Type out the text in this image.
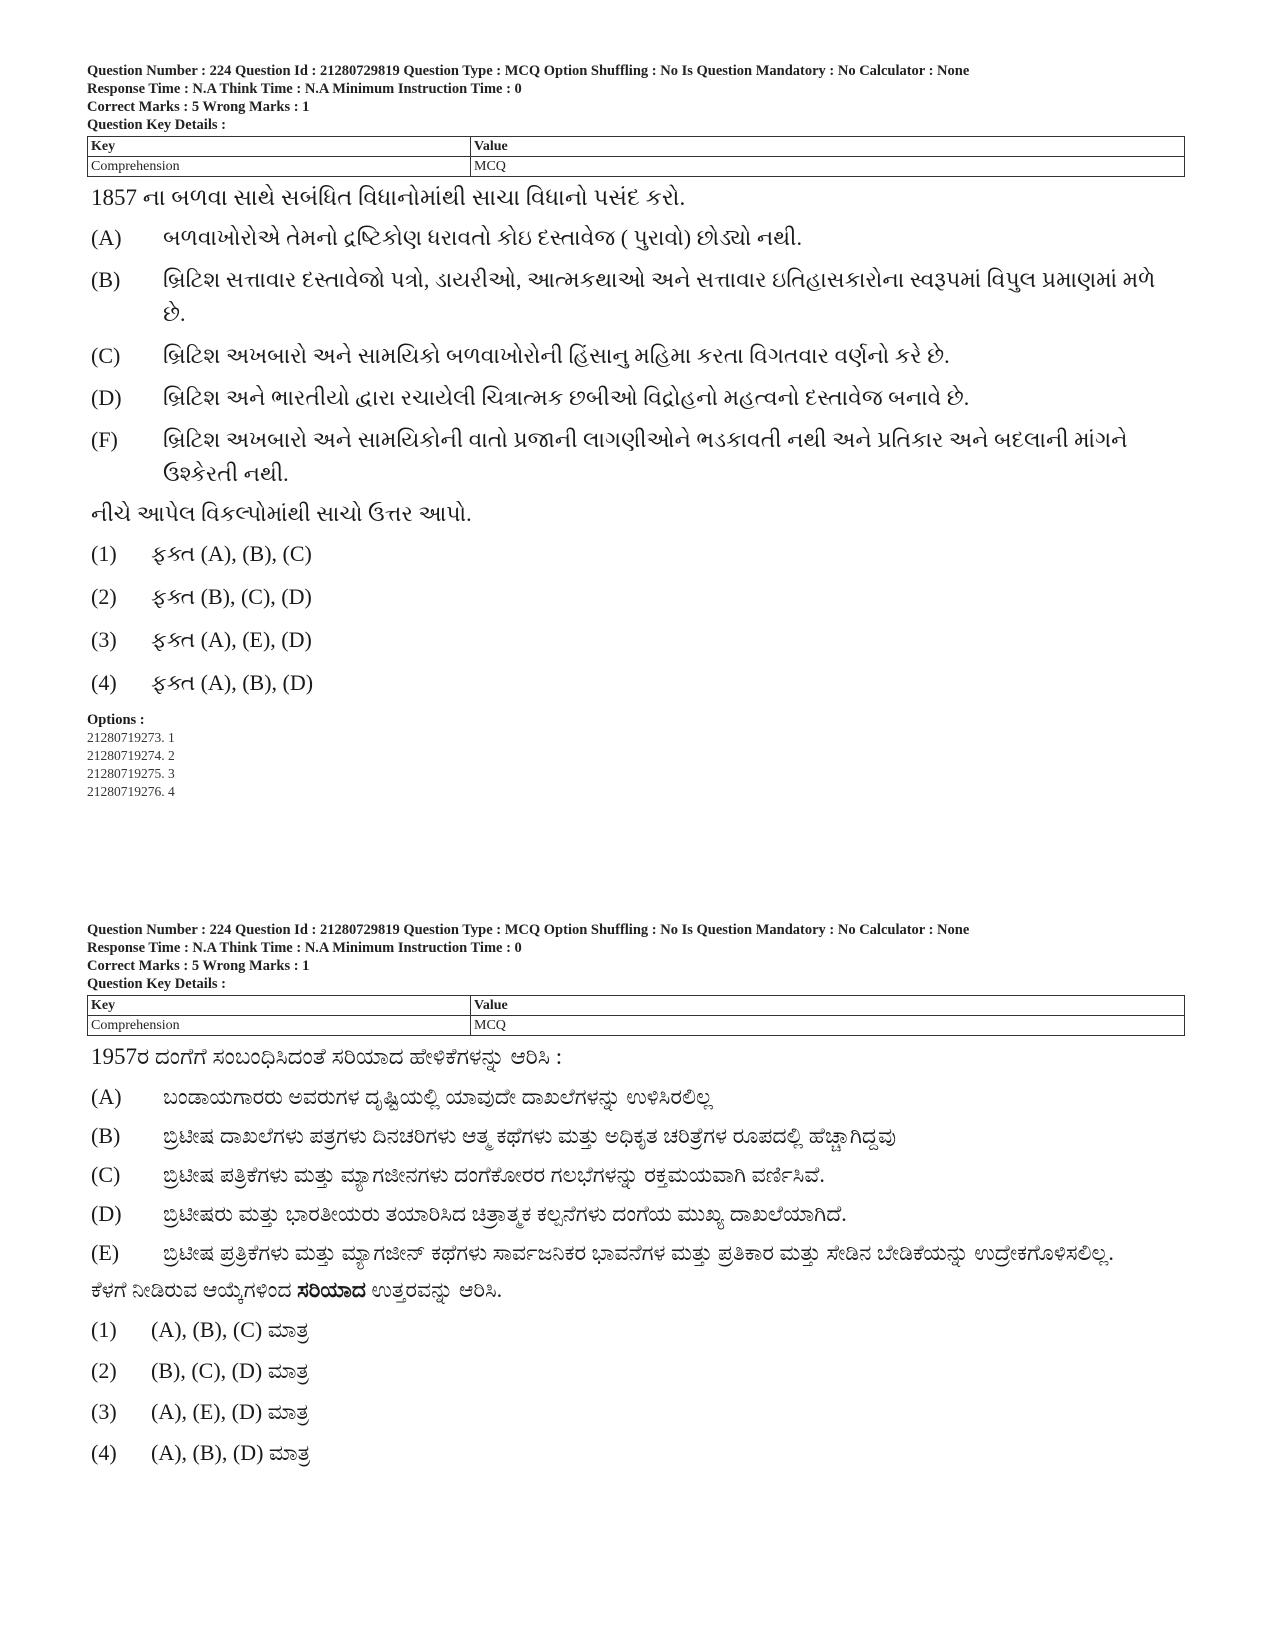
Question Number : 224 Question Id : 21280729819 Question Type : MCQ Option Shuffling : No Is Question Mandatory : No Calculator : None
Response Time : N.A Think Time : N.A Minimum Instruction Time : 0
Correct Marks : 5 Wrong Marks : 1
Question Key Details :
Key	Value
Comprehension	MCQ
1857 ના બળવા સાથે સબંધિત વિધાનોમાંથી સાચા વિધાનો પસંદ કરો.
(A)	બળવાખોરોએ તેમનો દ્રષ્ટિકોણ ધરાવતો કોઇ દસ્તાવેજ ( પુરાવો) છોડ્યો નથી.
(B)	બ્રિટિશ સત્તાવાર દસ્તાવેજો પત્રો, ડાયરીઓ, આત્મકથાઓ અને સત્તાવાર ઇતિહાસકારોના સ્વરૂપમાં વિપુલ પ્રમાણમાં મળે છે.
(C)	બ્રિટિશ અખબારો અને સામયિકો બળવાખોરોની હિંસાનુ મહિમા કરતા વિગતવાર વર્ણનો કરે છે.
(D)	બ્રિટિશ અને ભારતીયો દ્વારા રચાયેલી ચિત્રાત્મક છબીઓ વિદ્રોહનો મહત્વનો દસ્તાવેજ બનાવે છે.
(F)	બ્રિટિશ અખબારો અને સામયિકોની વાતો પ્રજાની લાગણીઓને ભડકાવતી નથી અને પ્રતિકાર અને બદલાની માંગને ઉશ્કેરતી નથી.
નીચે આપેલ વિકલ્પોમાંથી સાચો ઉત્તર આપો.
(1)	ફક્ત (A), (B), (C)
(2)	ફક્ત (B), (C), (D)
(3)	ફક્ત (A), (E), (D)
(4)	ફક્ત (A), (B), (D)
Options :
21280719273. 1
21280719274. 2
21280719275. 3
21280719276. 4
Question Number : 224 Question Id : 21280729819 Question Type : MCQ Option Shuffling : No Is Question Mandatory : No Calculator : None
Response Time : N.A Think Time : N.A Minimum Instruction Time : 0
Correct Marks : 5 Wrong Marks : 1
Question Key Details :
Key	Value
Comprehension	MCQ
1957ರ ದಂಗೆಗೆ ಸಂಬಂಧಿಸಿದಂತೆ ಸರಿಯಾದ ಹೇಳಿಕೆಗಳನ್ನು ಆರಿಸಿ :
(A)	ಬಂಡಾಯಗಾರರು ಅವರುಗಳ ದೃಷ್ಟಿಯಲ್ಲಿ ಯಾವುದೇ ದಾಖಲೆಗಳನ್ನು ಉಳಿಸಿರಲಿಲ್ಲ
(B)	ಬ್ರಿಟೀಷ ದಾಖಲೆಗಳು ಪತ್ರಗಳು ದಿನಚರಿಗಳು ಆತ್ಮ ಕಥೆಗಳು ಮತ್ತು ಅಧಿಕೃತ ಚರಿತ್ರೆಗಳ ರೂಪದಲ್ಲಿ ಹೆಚ್ಚಾಗಿದ್ದವು
(C)	ಬ್ರಿಟೀಷ ಪತ್ರಿಕೆಗಳು ಮತ್ತು ಮ್ಯಾಗಜೀನಗಳು ದಂಗೆಕೋರರ ಗಲಭೆಗಳನ್ನು ರಕ್ತಮಯವಾಗಿ ವರ್ಣಿಸಿವೆ.
(D)	ಬ್ರಿಟೀಷರು ಮತ್ತು ಭಾರತೀಯರು ತಯಾರಿಸಿದ ಚಿತ್ರಾತ್ಮಕ ಕಲ್ಪನೆಗಳು ದಂಗೆಯ ಮುಖ್ಯ ದಾಖಲೆಯಾಗಿದೆ.
(E)	ಬ್ರಿಟೀಷ ಪ್ರತ್ರಿಕೆಗಳು ಮತ್ತು ಮ್ಯಾಗಜೀನ್ ಕಥೆಗಳು ಸಾರ್ವಜನಿಕರ ಭಾವನೆಗಳ ಮತ್ತು ಪ್ರತಿಕಾರ ಮತ್ತು ಸೇಡಿನ ಬೇಡಿಕೆಯನ್ನು ಉದ್ರೇಕಗೊಳಿಸಲಿಲ್ಲ.
ಕೆಳಗೆ ನೀಡಿರುವ ಆಯ್ಕೆಗಳಿಂದ ಸರಿಯಾದ ಉತ್ತರವನ್ನು ಆರಿಸಿ.
(1)	(A), (B), (C) ಮಾತ್ರ
(2)	(B), (C), (D) ಮಾತ್ರ
(3)	(A), (E), (D) ಮಾತ್ರ
(4)	(A), (B), (D) ಮಾತ್ರ
